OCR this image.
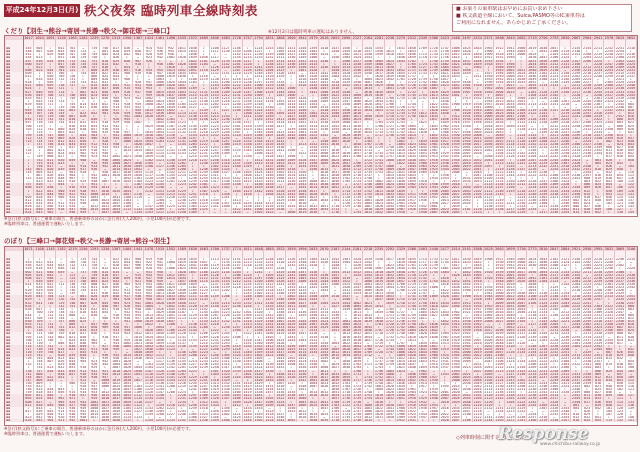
平成24年12月3日(月) 秩父夜祭 臨時列車全線時刻表	■ お乗りの乗車駅はお早めにお買い求め下さい
■ 秩父鉄道全線において、Suica,PASMO等のIC乗車券は
ご利用になれません。あらかじめご了承ください。
くだり【羽生→熊谷→寄居→長瀞→秩父→御花畑→三峰口】	※12月2日は臨時列車の運転はありません。
	1017	1054	1091	1128	1165	1202	1239	1276	1313	1350	1387	1424	1461	1498	1535	1572	1609	1646	1683	1720	1757	1794	1831	1868	1905	1942	1979	2016	2053	2090	2127	2164	2201	2238	2275	2312	2349	2386	2423	2460	2497	2534	2571	2608	2645	2682	2719	2756	2793	2830	2867	2904	2941	2978	3015	3052

▪▪	545	604	ﾚ	642	701	…	739	758	817	836	…	914	933	952	1011	1030	ﾚ	1108	1127	1146	ﾚ	1224	1243	1302	1321	1340	1359	1418	1437	1456	ﾚ	1534	1553	ﾚ	1631	1650	1709	1728	1747	1806	1825	1844	1903	1922	1941	2000	2019	2038	2057	ﾚ	2135	2154	2213	2232	2251	2310
▪▪	548	607	626	645	704	723	…	801	820	839	858	917	936	955	1014	1033	ﾚ	1111	1130	1149	1208	1227	ﾚ	1305	1324	1343	1402	ﾚ	1440	1459	1518	1537	1556	1615	ﾚ	1653	ﾚ	1731	1750	1809	1828	ﾚ	1906	ﾚ	1944	2003	ﾚ	2041	2100	2119	2138	ﾚ	ﾚ	2235	2254	ﾚ
▪▪	551	ﾚ	629	648	707	726	745	804	823	842	901	920	939	958	ﾚ	1036	ﾚ	ﾚ	…	1152	1211	1230	1249	1308	1327	1346	1405	1424	ﾚ	1502	1521	1540	1559	1618	1637	1656	1715	1734	1753	1812	1831	1850	1909	1928	1947	2006	2025	ﾚ	2103	2122	2141	2200	2219	2238	2257	2316
▪▪	554	613	ﾚ	651	710	729	748	ﾚ	826	ﾚ	…	923	942	1001	1020	1039	1058	1117	…	1155	1214	1233	1252	1311	1330	1349	1408	…	1446	1505	1524	1543	ﾚ	ﾚ	1640	1659	1718	1737	1756	1815	ﾚ	1853	1912	1931	1950	ﾚ	2028	2047	2106	2125	ﾚ	2203	2222	2241	2300	2319
▪▪	557	616	635	654	713	732	751	810	829	848	907	926	ﾚ	…	ﾚ	1042	1101	1120	1139	1158	1217	ﾚ	1255	1314	1333	1352	1411	1430	ﾚ	1508	1527	1546	1605	1624	1643	1702	ﾚ	1740	1759	1818	1837	1856	1915	1934	ﾚ	ﾚ	2031	2050	2109	2128	2147	2206	2225	ﾚ	2303	2322
▪▪	600	619	ﾚ	657	716	735	754	813	832	ﾚ	910	ﾚ	948	1007	1026	1045	1104	…	1142	1201	1220	ﾚ	1258	1317	1336	1355	1414	ﾚ	ﾚ	1511	1530	1549	1608	1627	ﾚ	1705	1724	1743	1802	1821	1840	1859	1918	1937	1956	ﾚ	2034	2053	2112	2131	2150	ﾚ	2228	2247	2306	2325
▪▪	ﾚ	622	ﾚ	700	719	738	757	816	ﾚ	854	ﾚ	ﾚ	ﾚ	1010	ﾚ	1048	ﾚ	1126	1145	1204	1223	1242	1301	1320	1339	1358	1417	1436	1455	1514	1533	1552	1611	1630	ﾚ	1708	1727	1746	1805	1824	…	1902	ﾚ	1940	1959	ﾚ	2037	2056	2115	2134	2153	2212	2231	2250	2309	2328
▪▪	606	625	644	703	722	ﾚ	800	819	838	857	916	935	954	1013	1032	1051	1110	1129	…	1207	1226	1245	1304	1323	ﾚ	1401	1420	ﾚ	1458	1517	1536	1555	1614	1633	1652	1711	1730	1749	1808	1827	1846	ﾚ	ﾚ	1943	2002	2021	2040	2059	2118	…	2156	2215	2234	2253	2312	2331
▪▪	609	ﾚ	647	706	ﾚ	744	803	822	841	900	919	938	957	1016	1035	1054	ﾚ	1132	1151	1210	1229	1248	1307	1326	1345	…	1423	1442	1501	1520	1539	1558	1617	1636	1655	1714	1733	1752	1811	1830	1849	…	1927	1946	2005	2024	2043	2102	2121	2140	2159	2218	2237	2256	2315	2334
▪▪	612	ﾚ	650	709	728	ﾚ	806	825	844	ﾚ	ﾚ	ﾚ	1000	1019	1038	ﾚ	1116	…	ﾚ	ﾚ	ﾚ	1251	1310	1329	ﾚ	1407	1426	1445	1504	1523	1542	ﾚ	1620	1639	1658	1717	ﾚ	ﾚ	1814	1833	…	1911	1930	1949	2008	2027	2046	2105	2124	2143	2202	2221	2240	2259	2318	2337
▪▪	ﾚ	634	653	712	731	ﾚ	809	828	847	906	ﾚ	…	1003	ﾚ	ﾚ	1100	1119	1138	1157	1216	1235	ﾚ	1313	ﾚ	ﾚ	1410	1429	1448	…	1526	ﾚ	1604	1623	1642	1701	1720	1739	1758	1817	ﾚ	ﾚ	…	1933	1952	2011	2030	2049	2108	2127	2146	2205	2224	…	ﾚ	2321	ﾚ
▪▪	618	ﾚ	656	ﾚ	734	753	812	831	ﾚ	…	928	947	1006	1025	1044	1103	ﾚ	1141	1200	1219	1238	1257	1316	1335	…	1413	1432	1451	1510	1529	1548	1607	1626	ﾚ	ﾚ	1723	1742	1801	1820	1839	1858	ﾚ	1936	1955	2014	2033	2052	…	2130	2149	2208	2227	ﾚ	2305	2324	2343
▪▪	621	640	659	718	737	…	815	834	853	912	931	950	1009	1028	1047	…	ﾚ	1144	1203	1222	1241	1300	1319	1338	ﾚ	1416	1435	1454	1513	1532	1551	1610	1629	1648	1707	1726	1745	1804	1823	1842	1901	1920	1939	ﾚ	2017	…	2055	2114	2133	…	2211	2230	2249	2308	2327	2346
▪▪	624	ﾚ	702	721	ﾚ	759	818	837	856	915	934	953	ﾚ	1031	1050	1109	…	1147	1206	1225	1244	1303	1322	1341	1400	ﾚ	1438	1457	1516	…	1554	1613	ﾚ	1651	1710	1729	1748	1807	ﾚ	1845	1904	ﾚ	1942	2001	2020	2039	2058	ﾚ	ﾚ	2155	2214	2233	2252	2311	2330	2349
▪▪	627	646	705	724	ﾚ	802	821	840	859	918	937	956	1015	1034	1053	1112	1131	1150	1209	1228	1247	1306	1325	1344	1403	ﾚ	1441	1500	1519	1538	…	1616	1635	1654	ﾚ	1732	ﾚ	1810	1829	1848	1907	1926	1945	2004	2023	…	2101	2120	2139	2158	2217	2236	2255	2314	2333	2352
▪▪	630	649	708	727	746	805	824	843	ﾚ	921	…	959	1018	1037	1056	1115	1134	1153	1212	1231	1250	1309	ﾚ	1347	1406	…	ﾚ	1503	1522	1541	1600	1619	1638	ﾚ	1716	1735	1754	1813	1832	1851	ﾚ	1929	ﾚ	2007	ﾚ	ﾚ	2104	2123	2142	ﾚ	2220	…	2258	2317	2336	2355
▪▪	633	652	711	ﾚ	749	808	827	846	905	924	943	1002	ﾚ	1040	1059	1118	1137	1156	1215	1234	1253	1312	1331	ﾚ	1409	1428	ﾚ	1506	1525	1544	1603	…	1641	1700	1719	1738	1757	1816	1835	ﾚ	1913	1932	1951	2010	ﾚ	2048	2107	2126	2145	ﾚ	2223	…	2301	2320	2339	2358
▪▪	ﾚ	655	714	733	ﾚ	ﾚ	ﾚ	…	908	ﾚ	…	1005	1024	1043	…	1121	1140	1159	1218	1237	1256	1315	1334	1353	1412	1431	1450	1509	1528	1547	1606	1625	1644	1703	ﾚ	ﾚ	…	ﾚ	1838	ﾚ	ﾚ	…	1954	2013	2032	2051	ﾚ	…	2148	2207	2226	2245	2304	2323	2342	…
▪▪	639	658	717	ﾚ	755	814	833	852	911	930	949	1008	1027	1046	1105	1124	1143	1202	1221	1240	1259	1318	ﾚ	1356	1415	1434	1453	…	1531	1550	1609	1628	1647	1706	ﾚ	1744	ﾚ	1822	1841	1900	1919	1938	1957	2016	2035	2054	2113	2132	2151	2210	…	2248	2307	ﾚ	2345	004
▪▪	ﾚ	701	ﾚ	739	758	817	836	855	914	933	952	ﾚ	1030	1049	1108	1127	…	1205	ﾚ	1243	1302	1321	1340	…	1418	1437	1456	1515	1534	…	1612	1631	1650	1709	1728	1747	ﾚ	1825	1844	ﾚ	ﾚ	1941	2000	ﾚ	2038	…	ﾚ	…	ﾚ	…	…	2251	2310	2329	2348	007
▪▪	645	704	723	742	801	…	ﾚ	858	917	ﾚ	955	1014	1033	1052	…	…	1149	ﾚ	1227	1246	1305	1324	1343	ﾚ	1421	1440	…	1518	1537	1556	1615	1634	1653	1712	1731	1750	ﾚ	1828	1847	1906	1925	1944	2003	2022	2041	2100	2119	2138	2157	2216	2235	2254	ﾚ	2332	2351	010
▪▪	648	707	726	745	ﾚ	823	842	901	920	939	958	1017	1036	1055	1114	1133	1152	1211	ﾚ	ﾚ	1308	1327	1346	1405	1424	1443	1502	1521	1540	1559	1618	…	ﾚ	1715	1734	1753	1812	1831	1850	ﾚ	1928	1947	2006	2025	2044	2103	2122	2141	ﾚ	2219	2238	2257	2316	2335	ﾚ	013
▪▪	ﾚ	710	729	748	807	826	ﾚ	ﾚ	ﾚ	942	1001	1020	1039	…	1117	1136	1155	1214	1233	ﾚ	1311	1330	1349	ﾚ	1427	1446	1505	1524	1543	1602	1621	1640	1659	1718	1737	1756	1815	1834	ﾚ	1912	1931	1950	2009	2028	2047	2106	ﾚ	2144	ﾚ	2222	2241	2300	2319	ﾚ	2357	016
▪▪	654	713	732	751	810	…	848	ﾚ	926	945	ﾚ	ﾚ	1042	1101	ﾚ	1139	1158	1217	1236	1255	ﾚ	1333	1352	1411	1430	1449	ﾚ	1527	ﾚ	1605	1624	1643	…	1721	1740	ﾚ	ﾚ	1837	1856	1915	1934	1953	2012	2031	2050	2109	2128	2147	2206	2225	ﾚ	…	2322	ﾚ	000	019
▪▪	657	716	735	754	813	832	851	910	929	948	1007	ﾚ	1045	1104	1123	ﾚ	ﾚ	1220	1239	1258	1317	ﾚ	1355	1414	1433	1452	1511	1530	1549	1608	1627	ﾚ	1705	1724	1743	…	1821	ﾚ	1859	1918	1937	1956	2015	2034	ﾚ	2112	2131	2150	2209	2228	2247	2306	2325	2344	003	022
▪▪	700	719	ﾚ	…	816	835	854	913	932	ﾚ	…	1029	1048	1107	1126	1145	1204	1223	1242	1301	1320	1339	1358	1417	ﾚ	1455	1514	1533	1552	1611	1630	ﾚ	1708	1727	1746	1805	ﾚ	1843	1902	1921	1940	ﾚ	2018	2037	2056	2115	…	ﾚ	2212	2231	2250	2309	2328	…	006	025
▪▪	703	722	741	800	819	838	857	916	935	ﾚ	ﾚ	ﾚ	1051	1110	1129	1148	1207	1226	1245	1304	1323	1342	1401	…	1439	1458	1517	1536	1555	1614	1633	1652	1711	1730	1749	1808	1827	1846	1905	1924	ﾚ	2002	2021	2040	ﾚ	2118	2137	2156	2215	2234	ﾚ	2312	2331	2350	009	028
▪▪	ﾚ	725	ﾚ	803	822	ﾚ	900	919	938	957	ﾚ	1035	1054	1113	1132	1151	1210	1229	1248	1307	ﾚ	1345	1404	1423	1442	1501	1520	ﾚ	1558	…	1636	1655	1714	1733	1752	1811	1830	ﾚ	1908	1927	1946	2005	2024	2043	ﾚ	ﾚ	…	2159	2218	2237	2256	ﾚ	2334	…	ﾚ	031
▪▪	709	728	747	806	ﾚ	844	903	ﾚ	941	1000	1019	1038	1057	1116	…	1154	1213	1232	1251	1310	1329	1348	1407	1426	1445	1504	1523	1542	…	1620	1639	…	1717	1736	1755	1814	ﾚ	1852	1911	1930	1949	2008	…	2046	…	2124	2143	ﾚ	2221	2240	2259	2318	2337	2356	015	ﾚ
▪▪	712	731	750	809	828	847	906	925	944	1003	ﾚ	1041	1100	1119	1138	1157	ﾚ	ﾚ	1254	…	1332	1351	ﾚ	1429	1448	1507	1526	…	1604	1623	1642	1701	ﾚ	ﾚ	1758	1817	ﾚ	1855	1914	1933	1952	2011	2030	2049	ﾚ	2127	2146	2205	2224	2243	2302	2321	2340	2359	018	037
▪▪	715	734	753	812	831	850	ﾚ	928	ﾚ	1006	1025	1044	1103	1122	1141	1200	1219	1238	1257	1316	1335	1354	1413	1432	ﾚ	ﾚ	…	1548	1607	1626	ﾚ	1704	ﾚ	ﾚ	1801	ﾚ	1839	1858	1917	1936	1955	2014	2033	2052	2111	2130	2149	2208	2227	2246	…	2324	ﾚ	002	021	040
▪▪	ﾚ	737	756	815	834	853	912	931	950	ﾚ	1028	1047	ﾚ	…	1144	1203	1222	ﾚ	1300	1319	1338	1357	1416	1435	ﾚ	1513	1532	1551	1610	ﾚ	1648	1707	1726	…	1804	1823	1842	1901	1920	1939	1958	2017	2036	2055	2114	2133	2152	2211	2230	2249	2308	2327	2346	…	024	043
▪▪	…	740	759	ﾚ	837	856	915	934	953	1012	1031	ﾚ	1109	…	ﾚ	1206	1225	1244	1303	…	1341	1400	1419	1438	ﾚ	…	1535	1554	ﾚ	1632	1651	1710	1729	1748	1807	1826	1845	1904	1923	1942	2001	2020	2039	2058	2117	2136	2155	2214	2233	2252	2311	2330	2349	008	027	046
▪▪	724	ﾚ	802	821	ﾚ	859	918	937	ﾚ	1015	1034	1053	1112	1131	1150	1209	1228	1247	1306	1325	1344	1403	1422	1441	1500	…	1538	1557	1616	ﾚ	1654	1713	…	1751	1810	1829	1848	1907	ﾚ	1945	2004	2023	2042	2101	2120	ﾚ	2158	ﾚ	2236	2255	2314	2333	2352	011	030	049
▪▪	727	ﾚ	805	824	843	902	921	940	…	ﾚ	ﾚ	1056	1115	1134	1153	1212	1231	1250	1309	ﾚ	…	1406	1425	ﾚ	ﾚ	1522	1541	1600	1619	1638	1657	1716	1735	1754	1813	1832	1851	1910	1929	1948	2007	2026	…	2104	2123	2142	2201	ﾚ	2239	2258	2317	2336	2355	014	033	052
▪▪	…	749	808	827	ﾚ	905	924	943	1002	1021	1040	1059	1118	…	…	1215	1234	1253	ﾚ	1331	1350	…	1428	1447	1506	ﾚ	1544	1603	1622	1641	1700	1719	1738	1757	1816	1835	1854	1913	1932	1951	2010	…	2048	2107	2126	2145	2204	2223	2242	2301	2320	2339	ﾚ	017	036	055
▪▪	ﾚ	752	811	830	849	908	…	946	1005	1024	ﾚ	1102	1121	1140	1159	1218	1237	1256	1315	1334	ﾚ	1412	1431	1450	1509	1528	1547	1606	1625	1644	ﾚ	1722	1741	1800	1819	1838	1857	1916	1935	1954	2013	2032	2051	2110	ﾚ	2148	2207	2226	2245	2304	2323	…	001	020	ﾚ	058
▪▪	ﾚ	755	814	833	ﾚ	ﾚ	930	949	1008	1027	1046	1105	…	1143	1202	ﾚ	1240	1259	1318	1337	1356	1415	1434	1453	1512	1531	1550	1609	1628	1647	1706	1725	1744	ﾚ	1822	1841	1900	1919	1938	1957	2016	2035	ﾚ	2113	2132	2151	2210	2229	2248	2307	2326	ﾚ	004	023	042	ﾚ
▪▪	ﾚ	758	817	…	855	914	933	952	1011	1030	1049	1108	1127	1146	1205	ﾚ	ﾚ	1302	1321	1340	1359	ﾚ	1437	1456	ﾚ	1534	1553	ﾚ	1631	1650	1709	1728	1747	1806	…	1844	1903	1922	1941	2000	2019	2038	2057	ﾚ	2135	…	2213	2232	2251	2310	2329	2348	ﾚ	026	…	104
▪▪	742	801	820	839	858	917	936	…	1014	1033	1052	ﾚ	…	1149	1208	ﾚ	1246	1305	1324	ﾚ	…	1421	1440	1459	1518	ﾚ	1556	1615	ﾚ	1653	1712	1731	1750	1809	1828	1847	1906	1925	1944	2003	2022	2041	ﾚ	2119	2138	2157	2216	…	2254	2313	2332	2351	010	029	048	ﾚ
▪▪	745	804	823	…	901	920	ﾚ	958	1017	1036	1055	1114	ﾚ	1152	1211	1230	1249	1308	1327	1346	1405	1424	1443	1502	1521	1540	ﾚ	1618	1637	1656	1715	1734	1753	1812	1831	1850	1909	1928	ﾚ	2006	…	2044	ﾚ	2122	2141	ﾚ	2219	2238	ﾚ	2316	ﾚ	2354	…	032	…	110
▪▪	ﾚ	807	826	845	904	ﾚ	942	1001	1020	1039	1058	1117	1136	1155	1214	1233	1252	1311	ﾚ	ﾚ	1408	1427	1446	1505	1524	1543	ﾚ	1621	1640	1659	1718	1737	ﾚ	1815	1834	1853	ﾚ	ﾚ	1950	ﾚ	ﾚ	2047	2106	2125	2144	2203	2222	2241	2300	2319	2338	2357	016	035	054	113
▪▪	751	810	829	848	907	ﾚ	945	…	ﾚ	1042	1101	1120	1139	1158	ﾚ	1236	1255	1314	1333	1352	1411	1430	1449	1508	1527	1546	…	1624	1643	1702	1721	1740	ﾚ	1818	1837	1856	ﾚ	1934	1953	ﾚ	2031	2050	2109	2128	ﾚ	ﾚ	ﾚ	ﾚ	2303	2322	2341	000	019	038	057	116
▪▪	…	813	832	851	910	929	948	1007	1026	1045	1104	1123	1142	1201	1220	1239	1258	1317	1336	1355	1414	1433	1452	1511	1530	1549	1608	1627	1646	1705	1724	1743	1802	1821	1840	1859	1918	ﾚ	ﾚ	2015	2034	2053	2112	2131	2150	2209	2228	2247	2306	2325	…	003	022	041	100	119
▪▪	757	816	ﾚ	854	ﾚ	ﾚ	951	ﾚ	ﾚ	ﾚ	1107	1126	1145	ﾚ	1223	1242	1301	ﾚ	1339	1358	ﾚ	1436	1455	…	1533	1552	1611	1630	1649	…	1727	1746	1805	1824	1843	1902	1921	1940	1959	2018	ﾚ	…	2115	2134	2153	2212	2231	2250	2309	2328	ﾚ	006	025	044	…	122
▪▪	800	819	838	ﾚ	916	935	954	1013	…	1051	1110	1129	1148	…	…	1245	1304	1323	1342	ﾚ	1420	1439	1458	1517	…	1555	1614	1633	1652	1711	1730	1749	1808	1827	1846	1905	1924	1943	2002	2021	2040	2059	2118	2137	2156	…	2234	2253	2312	2331	2350	009	028	047	106	125
▪▪	ﾚ	822	841	900	919	938	957	1016	1035	1054	ﾚ	1132	1151	1210	1229	ﾚ	1307	1326	…	1404	1423	1442	1501	1520	1539	1558	1617	ﾚ	1655	1714	1733	1752	1811	1830	1849	ﾚ	ﾚ	1946	2005	2024	2043	2102	2121	2140	2159	2218	2237	2256	2315	2334	2353	012	ﾚ	050	109	128
▪▪	…	825	844	903	922	941	1000	1019	ﾚ	1057	1116	…	1154	1213	1232	1251	1310	ﾚ	1348	ﾚ	1426	ﾚ	1504	1523	1542	1601	1620	1639	ﾚ	1717	1736	1755	1814	1833	1852	1911	1930	1949	2008	2027	2046	2105	2124	2143	ﾚ	2221	2240	2259	2318	2337	2356	015	ﾚ	053	112	131
▪▪	809	828	847	906	925	944	1003	ﾚ	1041	1100	1119	…	1157	1216	1235	1254	ﾚ	…	1351	ﾚ	ﾚ	ﾚ	…	1526	1545	1604	1623	ﾚ	1701	1720	1739	1758	ﾚ	1836	1855	1914	1933	1952	2011	2030	2049	2108	2127	ﾚ	…	2224	2243	2302	2321	2340	2359	018	037	056	115	134
▪▪	812	831	850	ﾚ	928	947	1006	1025	1044	1103	ﾚ	ﾚ	1200	…	1238	1257	1316	1335	ﾚ	1413	…	ﾚ	ﾚ	1529	1548	1607	1626	1645	1704	1723	1742	1801	1820	1839	1858	1917	1936	ﾚ	2014	2033	2052	ﾚ	2130	2149	ﾚ	2227	2246	2305	ﾚ	2343	002	021	040	059	118	137
▪▪	815	834	853	912	931	950	ﾚ	1028	1047	1106	…	ﾚ	1203	ﾚ	1241	1300	1319	1338	1357	1416	1435	1454	1513	1532	ﾚ	1610	…	ﾚ	ﾚ	1726	1745	1804	1823	1842	1901	1920	ﾚ	1958	2017	2036	2055	ﾚ	2133	2152	2211	2230	2249	2308	ﾚ	2346	005	024	…	102	121	140
▪▪	818	837	856	915	934	…	1012	1031	1050	1109	…	1147	1206	1225	1244	1303	1322	1341	1400	ﾚ	1438	1457	1516	1535	1554	1613	1632	1651	1710	1729	1748	1807	1826	1845	1904	1923	1942	2001	ﾚ	2039	…	ﾚ	2136	2155	ﾚ	2233	…	2311	2330	2349	008	027	046	ﾚ	124	143
▪▪	821	840	859	918	937	956	1015	1034	1053	1112	1131	1150	1209	ﾚ	1247	1306	1325	ﾚ	ﾚ	1422	1441	1500	1519	1538	ﾚ	1616	1635	1654	1713	ﾚ	…	1810	1829	1848	1907	1926	1945	2004	2023	2042	2101	2120	2139	2158	2217	2236	2255	…	2333	2352	011	030	049	108	127	ﾚ
▪▪	824	843	902	…	940	959	ﾚ	1037	1056	…	1134	1153	1212	1231	1250	1309	ﾚ	…	…	1425	…	1503	1522	…	1600	1619	1638	ﾚ	1716	ﾚ	1754	1813	1832	1851	1910	…	1948	2007	2026	2045	ﾚ	2123	ﾚ	ﾚ	2220	2239	ﾚ	2317	2336	2355	014	033	052	ﾚ	130	149
※急行(秩父路号)にご乗車の場合、普通乗車券のほかに急行券(大人200円、小児100円)が必要です。
※臨時列車は、普通運賃で運転いたします。
のぼり【三峰口→御花畑→秩父→長瀞→寄居→熊谷→羽生】
	1071	1108	1145	1182	1219	1256	1293	1330	1367	1404	1441	1478	1515	1552	1589	1626	1663	1700	1737	1774	1811	1848	1885	1922	1959	1996	2033	2070	2107	2144	2181	2218	2255	2292	2329	2366	2403	2440	2477	2514	2551	2588	2625	2662	2699	2736	2773	2810	2847	2884	2921	2958	2995	3032	3069	3106

▪▪	ﾚ	ﾚ	ﾚ	ﾚ	ﾚ	725	744	ﾚ	822	841	900	919	938	…	1016	1035	ﾚ	1113	1132	1151	1210	1229	1248	1307	1326	1345	1404	1423	1442	1501	1520	1539	1558	1617	1636	1655	1714	1733	1752	1811	1830	1849	1908	1927	1946	2005	2024	2043	2102	2121	2140	2159	2218	2237	2256	2315
▪▪	553	612	631	…	709	728	747	…	825	844	903	922	941	1000	1019	1038	1057	ﾚ	1135	1154	1213	1232	1251	1310	1329	1348	1407	1426	1445	1504	1523	1542	ﾚ	ﾚ	1639	1658	1717	1736	1755	1814	1833	1852	ﾚ	1930	1949	2008	2027	2046	2105	2124	2143	2202	2221	2240	ﾚ	…
▪▪	556	615	634	653	712	731	750	ﾚ	828	847	906	925	944	ﾚ	1022	1041	1100	1119	1138	1157	1216	1235	1254	ﾚ	1332	1351	1410	ﾚ	1448	ﾚ	1526	1545	ﾚ	1623	1642	1701	1720	1739	ﾚ	1817	ﾚ	1855	ﾚ	1933	1952	2011	2030	2049	2108	2127	ﾚ	2205	2224	2243	2302	ﾚ
▪▪	559	618	637	656	715	ﾚ	753	812	831	850	909	928	947	1006	1025	1044	1103	1122	1141	1200	ﾚ	1238	1257	1316	ﾚ	1354	ﾚ	ﾚ	1451	ﾚ	1529	1548	1607	1626	1645	1704	1723	1742	1801	1820	1839	1858	…	1936	1955	2014	ﾚ	2052	2111	…	ﾚ	2208	2227	2246	ﾚ	2324
▪▪	602	621	640	659	…	737	756	815	834	…	…	931	950	ﾚ	1028	1047	1106	1125	1144	1203	ﾚ	1241	ﾚ	1319	1338	1357	1416	ﾚ	1454	1513	1532	1551	1610	1629	1648	1707	1726	1745	1804	ﾚ	1842	1901	1920	1939	1958	2017	2036	2055	2114	2133	2152	2211	2230	2249	2308	ﾚ
▪▪	605	624	643	ﾚ	721	…	759	818	837	…	915	934	953	1012	1031	ﾚ	1109	1128	ﾚ	1206	1225	ﾚ	1303	1322	1341	1400	1419	1438	1457	ﾚ	1535	1554	1613	1632	1651	1710	1729	ﾚ	ﾚ	1826	1845	1904	…	1942	2001	2020	ﾚ	2058	2117	2136	2155	…	2233	2252	2311	2330
▪▪	608	627	646	…	724	743	802	821	840	859	918	937	956	1015	1034	ﾚ	1112	1131	1150	1209	1228	1247	1306	1325	1344	1403	1422	1441	1500	1519	…	1557	1616	1635	1654	1713	1732	…	1810	ﾚ	ﾚ	1907	1926	1945	2004	2023	2042	2101	2120	2139	2158	2217	2236	2255	2314	2333
▪▪	ﾚ	630	649	…	727	746	805	824	843	ﾚ	921	940	959	…	1037	1056	1115	1134	1153	1212	1231	1250	1309	1328	1347	1406	1425	1444	1503	1522	ﾚ	1600	1619	1638	1657	1716	1735	1754	1813	1832	1851	1910	ﾚ	1948	2007	2026	2045	2104	2123	…	2201	2220	2239	2258	2317	2336
▪▪	614	633	652	711	730	749	808	827	846	905	924	943	1002	1021	1040	1059	…	1137	1156	1215	1234	1253	1312	1331	1350	ﾚ	1428	1447	1506	1525	1544	1603	1622	1641	1700	1719	1738	ﾚ	1816	1835	1854	1913	…	1951	2010	ﾚ	2048	ﾚ	ﾚ	2145	2204	2223	2242	2301	2320	2339
▪▪	ﾚ	636	655	ﾚ	733	752	811	830	849	…	927	946	1005	1024	ﾚ	1102	1121	1140	1159	1218	1237	1256	1315	…	1353	1412	1431	1450	ﾚ	1528	1547	1606	1625	1644	1703	1722	1741	1800	ﾚ	1838	1857	1916	1935	1954	2013	…	2051	ﾚ	2129	…	2207	2226	ﾚ	2304	2323	2342
▪▪	620	639	658	ﾚ	736	755	814	ﾚ	852	911	930	949	1008	1027	1046	1105	1124	1143	1202	ﾚ	1240	1259	1318	1337	1356	1415	…	1453	…	1531	1550	1609	1628	ﾚ	1706	1725	1744	…	1822	1841	1900	1919	1938	1957	2016	ﾚ	2054	ﾚ	2132	ﾚ	2210	2229	2248	2307	2326	…
▪▪	623	642	701	…	739	ﾚ	817	836	855	914	933	952	1011	1030	1049	1108	1127	ﾚ	ﾚ	ﾚ	1243	1302	1321	1340	1359	1418	1437	ﾚ	ﾚ	1534	1553	1612	1631	1650	ﾚ	1728	1747	ﾚ	1825	1844	ﾚ	ﾚ	1941	2000	2019	2038	2057	2116	2135	2154	ﾚ	2232	2251	2310	2329	ﾚ
▪▪	626	645	704	723	…	801	820	839	858	917	936	955	1014	1033	1052	1111	1130	1149	1208	ﾚ	1246	1305	1324	ﾚ	1402	1421	1440	1459	1518	1537	…	1615	1634	1653	ﾚ	1731	1750	1809	1828	1847	1906	1925	1944	2003	2022	2041	2100	2119	2138	2157	2216	2235	2254	2313	2332	2351
▪▪	629	ﾚ	707	726	745	804	823	ﾚ	901	920	939	958	1017	1036	1055	1114	1133	ﾚ	ﾚ	…	1249	ﾚ	1327	1346	1405	1424	1443	ﾚ	…	1540	ﾚ	ﾚ	1637	1656	1715	1734	1753	ﾚ	ﾚ	1850	…	1928	1947	2006	2025	2044	2103	2122	2141	2200	2219	2238	2257	ﾚ	2335	2354
▪▪	632	651	710	729	748	807	826	845	904	923	942	1001	1020	1039	1058	1117	…	1155	1214	1233	1252	1311	1330	1349	1408	1427	1446	1505	1524	1543	1602	1621	ﾚ	1659	1718	1737	1756	1815	1834	1853	1912	1931	ﾚ	2009	2028	2047	2106	2125	2144	2203	2222	2241	ﾚ	ﾚ	2338	2357
▪▪	635	ﾚ	ﾚ	732	751	810	ﾚ	848	907	926	945	1004	ﾚ	1042	1101	1120	1139	1158	1217	1236	1255	ﾚ	1333	1352	1411	1430	ﾚ	…	1527	1546	1605	1624	1643	ﾚ	1721	1740	1759	1818	1837	1856	1915	1934	1953	2012	2031	2050	ﾚ	2128	2147	2206	2225	2244	2303	2322	2341	000
▪▪	638	657	ﾚ	735	ﾚ	813	832	851	910	929	948	1007	1026	1045	1104	1123	1142	…	1220	…	…	1317	1336	1355	1414	ﾚ	1452	1511	ﾚ	1549	1608	1627	…	1705	ﾚ	1743	1802	1821	…	ﾚ	1918	1937	1956	2015	2034	2053	ﾚ	2131	2150	ﾚ	2228	2247	2306	2325	2344	003
▪▪	ﾚ	700	719	738	757	816	835	854	ﾚ	932	951	ﾚ	1029	1048	1107	ﾚ	1145	1204	1223	1242	1301	1320	ﾚ	1358	1417	1436	1455	1514	1533	ﾚ	1611	ﾚ	1649	1708	1727	ﾚ	1805	1824	1843	1902	1921	1940	1959	2018	2037	2056	2115	2134	ﾚ	2212	2231	2250	2309	2328	2347	…
▪▪	644	ﾚ	722	741	800	…	838	…	916	935	954	1013	1032	1051	1110	1129	1148	1207	1226	1245	1304	1323	1342	1401	…	1439	1458	1517	1536	ﾚ	1614	1633	ﾚ	1711	1730	1749	1808	1827	1846	1905	…	1943	2002	2021	2040	ﾚ	2118	2137	2156	2215	2234	2253	2312	2331	2350	009
▪▪	647	706	725	744	…	822	ﾚ	900	919	938	957	1016	1035	1054	1113	1132	1151	1210	ﾚ	1248	1307	1326	1345	1404	1423	ﾚ	1501	1520	1539	…	1617	1636	1655	1714	1733	1752	1811	…	ﾚ	1908	1927	1946	2005	2024	2043	2102	2121	2140	…	2218	2237	2256	2315	2334	2353	012
▪▪	650	709	ﾚ	747	806	825	ﾚ	ﾚ	ﾚ	941	1000	1019	1038	1057	ﾚ	ﾚ	1154	1213	1232	1251	1310	1329	1348	1407	1426	1445	1504	1523	1542	1601	1620	1639	1658	1717	1736	1755	ﾚ	ﾚ	1852	1911	1930	1949	2008	2027	2046	2105	ﾚ	2143	2202	2221	2240	2259	2318	2337	2356	015
▪▪	653	712	731	ﾚ	809	ﾚ	847	906	925	ﾚ	ﾚ	1022	ﾚ	1100	ﾚ	1138	1157	1216	ﾚ	ﾚ	1313	1332	1351	1410	1429	1448	1507	1526	1545	1604	1623	ﾚ	1701	1720	1739	1758	1817	1836	1855	1914	1933	1952	…	ﾚ	2049	…	2127	2146	2205	ﾚ	2243	2302	2321	2340	2359	018
▪▪	656	715	734	753	812	831	850	909	928	947	1006	ﾚ	1044	ﾚ	1122	1141	1200	…	1238	1257	1316	1335	1354	1413	1432	1451	1510	1529	1548	1607	1626	1645	ﾚ	1723	1742	1801	1820	1839	ﾚ	1917	1936	1955	2014	…	2052	2111	ﾚ	2149	2208	2227	2246	2305	2324	2343	002	021
▪▪	ﾚ	718	ﾚ	756	ﾚ	834	853	ﾚ	931	950	ﾚ	1028	1047	1106	1125	1144	ﾚ	1222	ﾚ	1300	ﾚ	1338	1357	1416	1435	ﾚ	1513	ﾚ	1551	1610	1629	1648	1707	1726	1745	1804	1823	1842	ﾚ	1920	1939	1958	2017	2036	2055	2114	2133	ﾚ	2211	2230	…	2308	2327	2346	005	024
▪▪	702	721	740	759	818	837	856	ﾚ	934	953	1012	1031	1050	1109	1128	1147	1206	1225	1244	ﾚ	1322	1341	1400	1419	1438	1457	1516	…	ﾚ	1613	1632	1651	1710	1729	1748	1807	1826	1845	1904	1923	1942	ﾚ	2020	2039	2058	2117	2136	2155	2214	2233	ﾚ	2311	2330	2349	008	027
▪▪	705	724	743	802	821	840	ﾚ	918	937	ﾚ	1015	1034	1053	1112	1131	ﾚ	1209	1228	1247	1306	ﾚ	ﾚ	1403	ﾚ	1441	ﾚ	1519	1538	ﾚ	1616	1635	1654	…	1732	1751	1810	1829	1848	1907	1926	1945	…	2023	2042	2101	2120	2139	2158	…	2236	2255	2314	2333	…	011	030
▪▪	708	727	746	ﾚ	824	843	902	ﾚ	940	959	1018	1037	1056	ﾚ	1134	1153	1212	1231	1250	ﾚ	1328	1347	1406	1425	1444	1503	1522	ﾚ	ﾚ	1619	1638	1657	1716	1735	ﾚ	1813	ﾚ	…	1910	1929	1948	2007	2026	2045	2104	…	2142	2201	2220	2239	2258	2317	2336	2355	014	033
▪▪	711	730	ﾚ	808	827	846	905	…	943	1002	1021	1040	1059	1118	1137	ﾚ	1215	1234	1253	…	1331	1350	1409	1428	ﾚ	ﾚ	1525	1544	1603	1622	1641	…	1719	ﾚ	1757	ﾚ	1835	1854	1913	1932	1951	2010	2029	2048	2107	2126	…	ﾚ	2223	2242	2301	2320	2339	2358	017	…
▪▪	714	733	752	ﾚ	830	849	ﾚ	927	946	1005	1024	1043	1102	1121	1140	1159	1218	1237	1256	1315	1334	1353	1412	1431	1450	1509	1528	1547	…	1625	1644	1703	1722	1741	1800	1819	1838	1857	ﾚ	1935	1954	ﾚ	2032	2051	2110	ﾚ	2148	2207	2226	2245	2304	2323	2342	ﾚ	ﾚ	…
▪▪	717	736	755	814	833	852	911	930	949	…	1027	1046	1105	1124	ﾚ	…	1221	1240	1259	1318	…	1356	1415	1434	1453	1512	1531	1550	1609	1628	1647	1706	…	1744	1803	1822	1841	1900	1919	1938	1957	2016	2035	2054	ﾚ	2132	2151	2210	2229	2248	…	…	2345	004	ﾚ	042
▪▪	720	739	758	817	ﾚ	855	914	ﾚ	ﾚ	…	1030	1049	ﾚ	ﾚ	1146	1205	1224	…	ﾚ	1321	1340	1359	1418	1437	1456	1515	1534	1553	1612	1631	1650	1709	1728	1747	1806	1825	1844	1903	ﾚ	1941	2000	2019	2038	2057	2116	2135	2154	2213	2232	2251	ﾚ	2329	…	007	026	045
▪▪	723	742	…	820	839	858	ﾚ	936	955	1014	1033	1052	1111	ﾚ	1149	1208	1227	1246	1305	1324	1343	1402	1421	1440	…	1518	ﾚ	1556	1615	1634	1653	1712	…	ﾚ	1809	1828	1847	1906	1925	1944	2003	2022	2041	2100	ﾚ	ﾚ	2157	2216	2235	2254	2313	2332	2351	010	029	048
▪▪	726	745	804	823	842	901	ﾚ	939	958	1017	1036	1055	1114	1133	1152	…	1230	1249	1308	1327	1346	1405	…	1443	1502	1521	…	1559	1618	ﾚ	1656	…	1734	1753	1812	1831	1850	1909	1928	1947	2006	2025	2044	2103	2122	ﾚ	ﾚ	2219	ﾚ	2257	2316	2335	2354	013	032	ﾚ
▪▪	ﾚ	748	807	826	845	904	923	942	1001	1020	…	…	1117	1136	1155	1214	1233	1252	1311	1330	1349	1408	…	1446	1505	1524	1543	1602	ﾚ	1640	1659	ﾚ	1737	1756	1815	1834	1853	1912	1931	1950	2009	…	2047	2106	2125	2144	2203	2222	2241	2300	ﾚ	2338	2357	ﾚ	ﾚ	054
▪▪	732	751	…	829	848	ﾚ	926	945	1004	1023	…	1101	1120	1139	1158	1217	1236	1255	1314	ﾚ	1352	1411	1430	1449	1508	1527	1546	ﾚ	1624	1643	1702	1721	1740	1759	1818	1837	ﾚ	1915	1934	1953	ﾚ	2031	ﾚ	2109	ﾚ	ﾚ	2206	2225	ﾚ	2303	2322	2341	000	019	038	057
▪▪	ﾚ	754	813	832	851	910	929	ﾚ	1007	1026	1045	1104	1123	1142	1201	1220	1239	1258	1317	1336	1355	1414	1433	1452	ﾚ	1530	1549	1608	1627	1646	1705	ﾚ	1743	ﾚ	1821	1840	1859	1918	1937	1956	2015	2034	2053	2112	2131	2150	2209	2228	2247	2306	ﾚ	2344	003	ﾚ	041	100
▪▪	738	757	816	835	854	913	932	951	1010	1029	1048	1107	1126	1145	1204	1223	…	1301	1320	1339	1358	1417	1436	ﾚ	1514	1533	…	1611	ﾚ	ﾚ	1708	ﾚ	1746	1805	1824	…	1902	…	ﾚ	1959	ﾚ	2037	2056	2115	2134	2153	2212	2231	2250	2309	ﾚ	ﾚ	006	025	044	103
▪▪	741	800	ﾚ	838	857	916	935	954	1013	1032	1051	1110	1129	1148	1207	ﾚ	ﾚ	1304	1323	ﾚ	1401	1420	ﾚ	1458	1517	1536	ﾚ	1614	1633	1652	1711	ﾚ	1749	1808	ﾚ	1846	1905	…	1943	2002	2021	ﾚ	2059	…	2137	2156	2215	2234	2253	2312	2331	2350	009	…	047	…
▪▪	744	803	822	841	ﾚ	919	938	957	ﾚ	1035	…	1113	1132	1151	1210	1229	1248	ﾚ	1326	1345	1404	1423	1442	1501	1520	1539	1558	1617	1636	1655	ﾚ	1733	1752	1811	ﾚ	1849	1908	1927	ﾚ	2005	2024	2043	2102	2121	2140	ﾚ	2218	2237	2256	2315	2334	2353	012	031	050	109
▪▪	747	806	825	…	ﾚ	922	…	1000	1019	1038	1057	1116	1135	1154	1213	1232	1251	1310	1329	…	ﾚ	1426	1445	1504	ﾚ	1542	1601	1620	1639	1658	1717	1736	1755	1814	1833	1852	1911	1930	ﾚ	2008	2027	2046	2105	2124	2143	2202	2221	…	2259	2318	2337	2356	015	034	053	112
▪▪	750	809	ﾚ	ﾚ	906	925	944	1003	1022	1041	ﾚ	1119	1138	1157	1216	1235	1254	1313	1332	1351	1410	1429	ﾚ	1507	1526	ﾚ	1604	1623	1642	1701	ﾚ	1739	1758	1817	1836	1855	1914	1933	ﾚ	ﾚ	2030	2049	2108	2127	2146	2205	2224	2243	2302	2321	2340	2359	018	…	056	115
▪▪	753	812	ﾚ	ﾚ	ﾚ	928	947	1006	1025	1044	1103	1122	1141	1200	1219	1238	1257	1316	1335	1354	1413	1432	1451	1510	…	1548	1607	1626	1645	1704	1723	1742	1801	1820	1839	ﾚ	1917	ﾚ	1955	2014	ﾚ	2052	2111	2130	2149	2208	2227	2246	2305	2324	2343	002	021	040	059	118
▪▪	756	815	834	853	ﾚ	931	950	ﾚ	1028	1047	1106	1125	1144	ﾚ	…	1241	1300	1319	1338	1357	1416	1435	1454	1513	ﾚ	1551	ﾚ	…	1648	1707	1726	ﾚ	1804	1823	1842	1901	ﾚ	1939	ﾚ	2017	2036	2055	2114	2133	2152	2211	2230	2249	2308	ﾚ	2346	ﾚ	024	043	102	121
▪▪	759	818	837	856	915	934	953	1012	1031	1050	1109	1128	1147	1206	1225	ﾚ	1303	1322	1341	1400	1419	1438	1457	1516	1535	ﾚ	1613	1632	1651	1710	1729	1748	ﾚ	1826	1845	1904	1923	1942	2001	2020	…	2058	2117	2136	2155	ﾚ	2233	2252	2311	2330	2349	008	027	046	…	ﾚ
▪▪	802	821	840	ﾚ	918	937	956	1015	1034	1053	1112	1131	1150	ﾚ	1228	1247	1306	1325	1344	1403	1422	1441	ﾚ	1519	1538	1557	1616	1635	1654	1713	1732	1751	1810	1829	1848	1907	…	1945	2004	2023	2042	2101	2120	2139	2158	2217	2236	2255	2314	ﾚ	2352	011	030	049	108	127
▪▪	805	824	843	902	921	ﾚ	959	1018	1037	1056	1115	1134	1153	ﾚ	1231	1250	1309	1328	1347	1406	1425	1444	1503	1522	1541	1600	ﾚ	ﾚ	1657	1716	1735	1754	1813	1832	1851	1910	1929	1948	2007	2026	2045	2104	2123	2142	2201	2220	2239	2258	2317	…	2355	014	033	ﾚ	111	ﾚ
▪▪	808	827	…	905	924	943	1002	1021	1040	1059	1118	1137	…	ﾚ	1234	ﾚ	1312	1331	ﾚ	1409	1428	1447	1506	1525	ﾚ	1603	1622	1641	1700	1719	1738	…	1816	ﾚ	ﾚ	1913	1932	…	2010	2029	2048	2107	2126	ﾚ	2204	2223	2242	…	2320	…	2358	017	036	055	114	133
▪▪	811	830	849	908	927	946	1005	1024	1043	1102	1121	ﾚ	1159	1218	1237	1256	1315	1334	ﾚ	1412	ﾚ	1450	1509	1528	1547	1606	1625	1644	1703	1722	1741	1800	1819	1838	1857	1916	1935	1954	ﾚ	ﾚ	2051	2110	2129	ﾚ	ﾚ	2226	2245	2304	2323	ﾚ	001	…	039	058	117	136
▪▪	ﾚ	833	…	911	930	949	1008	1027	1046	1105	1124	1143	1202	1221	ﾚ	1259	1318	ﾚ	1356	…	1434	1453	…	ﾚ	1550	ﾚ	ﾚ	1647	1706	…	1744	1803	1822	1841	1900	1919	1938	1957	2016	2035	2054	2113	2132	2151	2210	2229	ﾚ	2307	2326	2345	004	023	042	101	120	139
▪▪	817	836	855	914	933	952	1011	1030	1049	1108	1127	1146	1205	ﾚ	1243	…	ﾚ	1340	1359	ﾚ	1437	ﾚ	1515	ﾚ	1553	1612	ﾚ	ﾚ	1709	1728	1747	1806	1825	1844	1903	1922	…	2000	ﾚ	2038	2057	2116	…	2154	2213	2232	…	…	2329	2348	ﾚ	026	ﾚ	104	123	…
▪▪	ﾚ	839	858	917	936	955	1014	1033	1052	1111	ﾚ	1149	1208	1227	1246	1305	1324	1343	1402	1421	1440	1459	1518	1537	ﾚ	1615	1634	1653	1712	1731	1750	1809	1828	1847	1906	1925	1944	2003	2022	2041	2100	2119	…	ﾚ	…	ﾚ	2254	ﾚ	2332	2351	010	029	ﾚ	107	126	ﾚ
▪▪	823	842	901	920	939	958	1017	1036	1055	1114	1133	ﾚ	…	ﾚ	ﾚ	1308	1327	1346	…	1424	1443	1502	1521	1540	ﾚ	1618	1637	…	1715	1734	1753	1812	1831	1850	1909	1928	1947	2006	2025	2044	ﾚ	2122	2141	2200	2219	2238	2257	2316	…	2354	013	032	051	ﾚ	129	148
▪▪	826	845	904	923	942	1001	ﾚ	1039	1058	1117	ﾚ	1155	1214	1233	1252	1311	1330	1349	1408	1427	1446	1505	1524	1543	1602	ﾚ	1640	1659	1718	1737	1756	1815	ﾚ	ﾚ	1912	1931	ﾚ	ﾚ	2028	2047	2106	2125	2144	2203	2222	2241	2300	2319	2338	2357	016	035	054	113	132	151
※急行(秩父路号)にご乗車の場合、普通乗車券のほかに急行券(大人200円、小児100円)が必要です。
※臨時列車は、普通運賃で運転いたします。
◇列車時刻に関するお問合せは
Response
www.chichibu-railway.co.jp
